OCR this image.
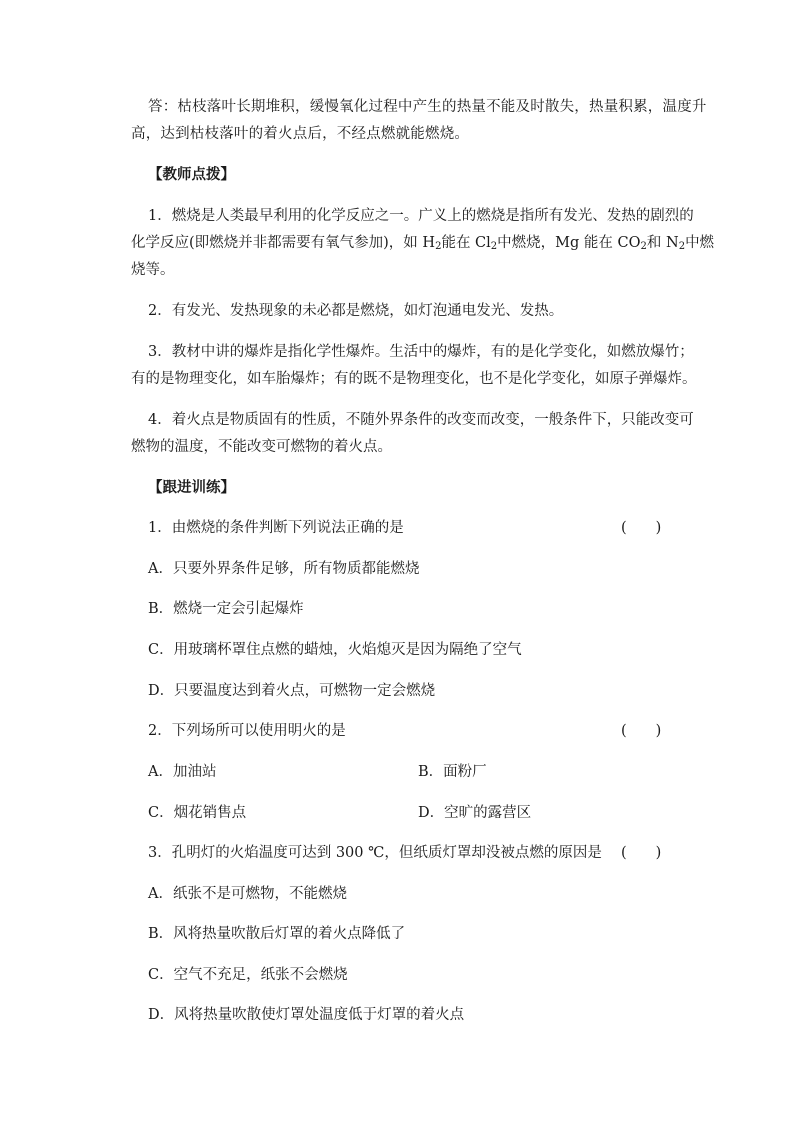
答：枯枝落叶长期堆积，缓慢氧化过程中产生的热量不能及时散失，热量积累，温度升
高，达到枯枝落叶的着火点后，不经点燃就能燃烧。
【教师点拨】
1．燃烧是人类最早利用的化学反应之一。广义上的燃烧是指所有发光、发热的剧烈的
化学反应(即燃烧并非都需要有氧气参加)，如 $H_2$能在 $Cl_2$中燃烧，Mg 能在 $CO_2$和 $N_2$中燃
烧等。
2．有发光、发热现象的未必都是燃烧，如灯泡通电发光、发热。
3．教材中讲的爆炸是指化学性爆炸。生活中的爆炸，有的是化学变化，如燃放爆竹；
有的是物理变化，如车胎爆炸；有的既不是物理变化，也不是化学变化，如原子弹爆炸。
4．着火点是物质固有的性质，不随外界条件的改变而改变，一般条件下，只能改变可
燃物的温度，不能改变可燃物的着火点。
【跟进训练】
1．由燃烧的条件判断下列说法正确的是	(　　)
A．只要外界条件足够，所有物质都能燃烧
B．燃烧一定会引起爆炸
C．用玻璃杯罩住点燃的蜡烛，火焰熄灭是因为隔绝了空气
D．只要温度达到着火点，可燃物一定会燃烧
2．下列场所可以使用明火的是	(　　)
A．加油站	B．面粉厂
C．烟花销售点	D．空旷的露营区
3．孔明灯的火焰温度可达到 300 ℃，但纸质灯罩却没被点燃的原因是 (　　)
A．纸张不是可燃物，不能燃烧
B．风将热量吹散后灯罩的着火点降低了
C．空气不充足，纸张不会燃烧
D．风将热量吹散使灯罩处温度低于灯罩的着火点
